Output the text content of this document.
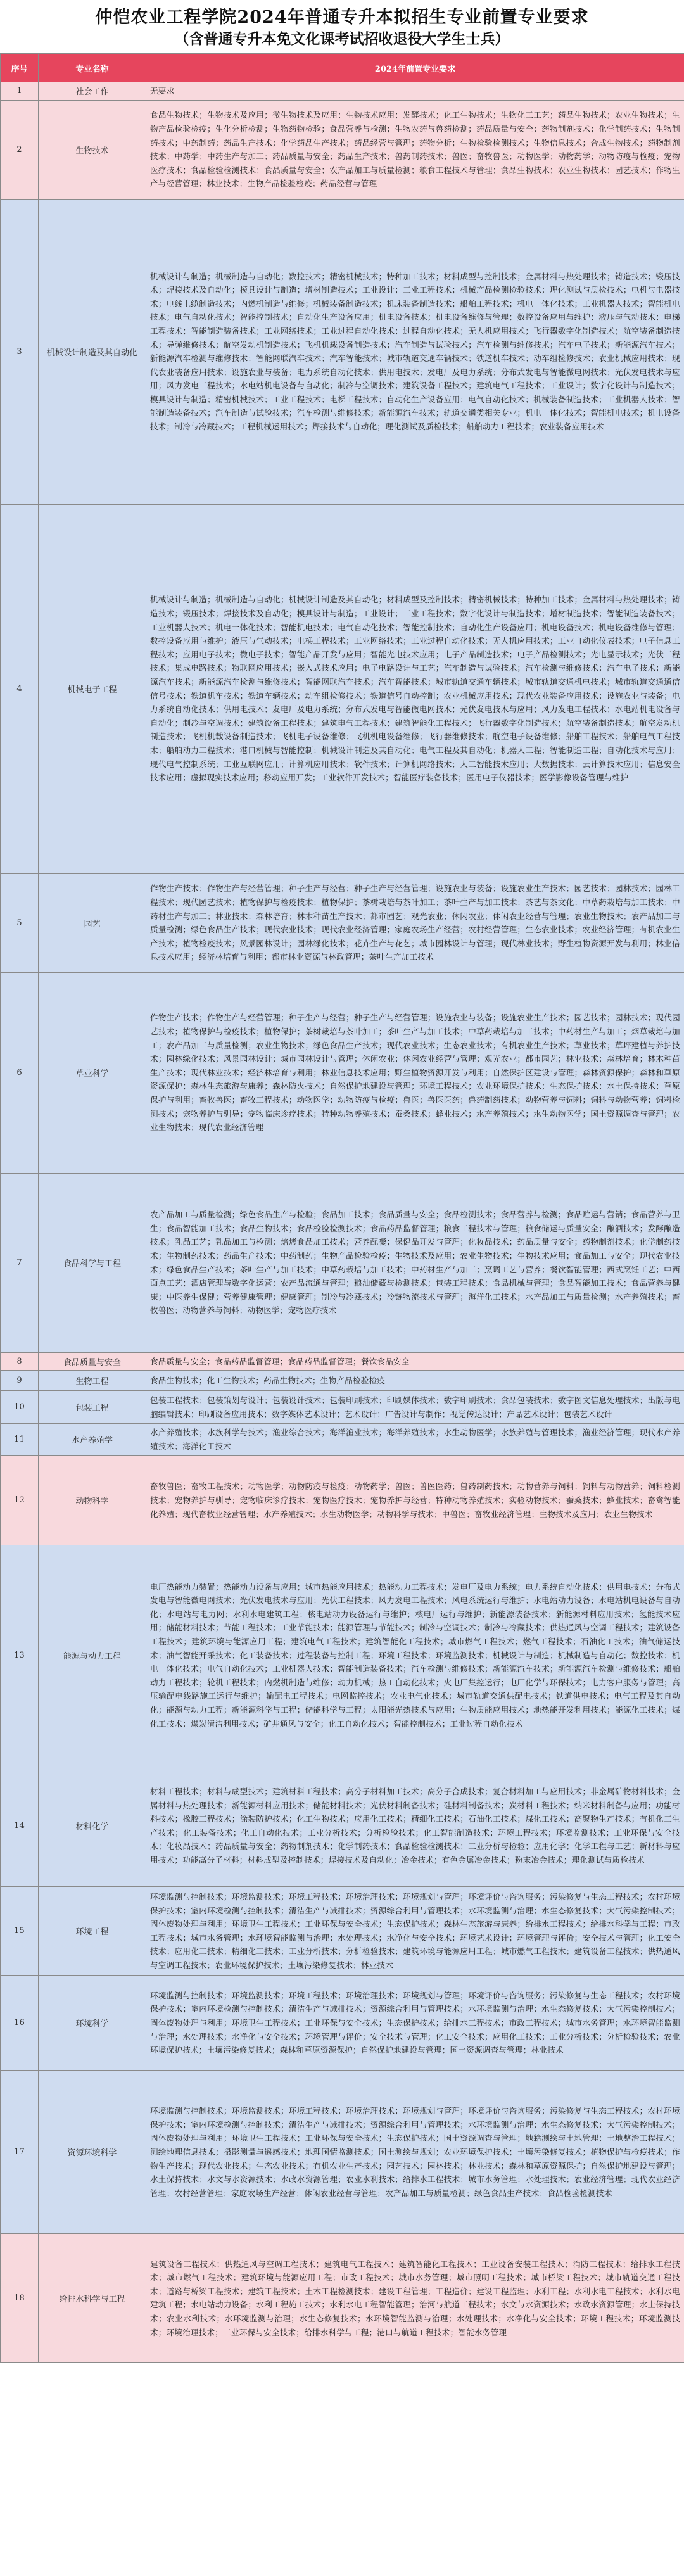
仲恺农业工程学院2024年普通专升本拟招生专业前置专业要求
（含普通专升本免文化课考试招收退役大学生士兵）
序号	专业名称	2024年前置专业要求
1	社会工作	无要求
2	生物技术	食品生物技术；生物技术及应用；微生物技术及应用；生物技术应用；发酵技术；化工生物技术；生物化工工艺；药品生物技术；农业生物技术；生物产品检验检疫；生化分析检测；生物药物检验；食品营养与检测；生物农药与兽药检测；药品质量与安全；药物制剂技术；化学制药技术；生物制药技术；中药制药；药品生产技术；化学药品生产技术；药品经营与管理；药物分析；生物检验检测技术；生物信息技术；合成生物技术；药物制剂技术；中药学；中药生产与加工；药品质量与安全；药品生产技术；兽药制药技术；兽医；畜牧兽医；动物医学；动物药学；动物防疫与检疫；宠物医疗技术；食品检验检测技术；食品质量与安全；农产品加工与质量检测；粮食工程技术与管理；食品生物技术；农业生物技术；园艺技术；作物生产与经营管理；林业技术；生物产品检验检疫；药品经营与管理
3	机械设计制造及其自动化	机械设计与制造；机械制造与自动化；数控技术；精密机械技术；特种加工技术；材料成型与控制技术；金属材料与热处理技术；铸造技术；锻压技术；焊接技术及自动化；模具设计与制造；增材制造技术；工业设计；工业工程技术；机械产品检测检验技术；理化测试与质检技术；电机与电器技术；电线电缆制造技术；内燃机制造与维修；机械装备制造技术；机床装备制造技术；船舶工程技术；机电一体化技术；工业机器人技术；智能机电技术；电气自动化技术；智能控制技术；自动化生产设备应用；机电设备技术；机电设备维修与管理；数控设备应用与维护；液压与气动技术；电梯工程技术；智能制造装备技术；工业网络技术；工业过程自动化技术；过程自动化技术；无人机应用技术；飞行器数字化制造技术；航空装备制造技术；导弹维修技术；航空发动机制造技术；飞机机载设备制造技术；汽车制造与试验技术；汽车检测与维修技术；汽车电子技术；新能源汽车技术；新能源汽车检测与维修技术；智能网联汽车技术；汽车智能技术；城市轨道交通车辆技术；铁道机车技术；动车组检修技术；农业机械应用技术；现代农业装备应用技术；设施农业与装备；电力系统自动化技术；供用电技术；发电厂及电力系统；分布式发电与智能微电网技术；光伏发电技术与应用；风力发电工程技术；水电站机电设备与自动化；制冷与空调技术；建筑设备工程技术；建筑电气工程技术；工业设计；数字化设计与制造技术；模具设计与制造；精密机械技术；工业工程技术；电梯工程技术；自动化生产设备应用；电气自动化技术；机械装备制造技术；工业机器人技术；智能制造装备技术；汽车制造与试验技术；汽车检测与维修技术；新能源汽车技术；轨道交通类相关专业；机电一体化技术；智能机电技术；机电设备技术；制冷与冷藏技术；工程机械运用技术；焊接技术与自动化；理化测试及质检技术；船舶动力工程技术；农业装备应用技术
4	机械电子工程	机械设计与制造；机械制造与自动化；机械设计制造及其自动化；材料成型及控制技术；精密机械技术；特种加工技术；金属材料与热处理技术；铸造技术；锻压技术；焊接技术及自动化；模具设计与制造；工业设计；工业工程技术；数字化设计与制造技术；增材制造技术；智能制造装备技术；工业机器人技术；机电一体化技术；智能机电技术；电气自动化技术；智能控制技术；自动化生产设备应用；机电设备技术；机电设备维修与管理；数控设备应用与维护；液压与气动技术；电梯工程技术；工业网络技术；工业过程自动化技术；无人机应用技术；工业自动化仪表技术；电子信息工程技术；应用电子技术；微电子技术；智能产品开发与应用；智能光电技术应用；电子产品制造技术；电子产品检测技术；光电显示技术；光伏工程技术；集成电路技术；物联网应用技术；嵌入式技术应用；电子电路设计与工艺；汽车制造与试验技术；汽车检测与维修技术；汽车电子技术；新能源汽车技术；新能源汽车检测与维修技术；智能网联汽车技术；汽车智能技术；城市轨道交通车辆技术；城市轨道交通机电技术；城市轨道交通通信信号技术；铁道机车技术；铁道车辆技术；动车组检修技术；铁道信号自动控制；农业机械应用技术；现代农业装备应用技术；设施农业与装备；电力系统自动化技术；供用电技术；发电厂及电力系统；分布式发电与智能微电网技术；光伏发电技术与应用；风力发电工程技术；水电站机电设备与自动化；制冷与空调技术；建筑设备工程技术；建筑电气工程技术；建筑智能化工程技术；飞行器数字化制造技术；航空装备制造技术；航空发动机制造技术；飞机机载设备制造技术；飞机电子设备维修；飞机机电设备维修；飞行器维修技术；航空电子设备维修；船舶工程技术；船舶电气工程技术；船舶动力工程技术；港口机械与智能控制；机械设计制造及其自动化；电气工程及其自动化；机器人工程；智能制造工程；自动化技术与应用；现代电气控制系统；工业互联网应用；计算机应用技术；软件技术；计算机网络技术；人工智能技术应用；大数据技术；云计算技术应用；信息安全技术应用；虚拟现实技术应用；移动应用开发；工业软件开发技术；智能医疗装备技术；医用电子仪器技术；医学影像设备管理与维护
5	园艺	作物生产技术；作物生产与经营管理；种子生产与经营；种子生产与经营管理；设施农业与装备；设施农业生产技术；园艺技术；园林技术；园林工程技术；现代园艺技术；植物保护与检疫技术；植物保护；茶树栽培与茶叶加工；茶叶生产与加工技术；茶艺与茶文化；中草药栽培与加工技术；中药材生产与加工；林业技术；森林培育；林木种苗生产技术；都市园艺；观光农业；休闲农业；休闲农业经营与管理；农业生物技术；农产品加工与质量检测；绿色食品生产技术；现代农业技术；现代农业经济管理；家庭农场生产经营；农村经营管理；生态农业技术；农业经济管理；有机农业生产技术；植物检疫技术；风景园林设计；园林绿化技术；花卉生产与花艺；城市园林设计与管理；现代林业技术；野生植物资源开发与利用；林业信息技术应用；经济林培育与利用；都市林业资源与林政管理；茶叶生产加工技术
6	草业科学	作物生产技术；作物生产与经营管理；种子生产与经营；种子生产与经营管理；设施农业与装备；设施农业生产技术；园艺技术；园林技术；现代园艺技术；植物保护与检疫技术；植物保护；茶树栽培与茶叶加工；茶叶生产与加工技术；中草药栽培与加工技术；中药材生产与加工；烟草栽培与加工；农产品加工与质量检测；农业生物技术；绿色食品生产技术；现代农业技术；生态农业技术；有机农业生产技术；草业技术；草坪建植与养护技术；园林绿化技术；风景园林设计；城市园林设计与管理；休闲农业；休闲农业经营与管理；观光农业；都市园艺；林业技术；森林培育；林木种苗生产技术；现代林业技术；经济林培育与利用；林业信息技术应用；野生植物资源开发与利用；自然保护区建设与管理；森林资源保护；森林和草原资源保护；森林生态旅游与康养；森林防火技术；自然保护地建设与管理；环境工程技术；农业环境保护技术；生态保护技术；水土保持技术；草原保护与利用；畜牧兽医；畜牧工程技术；动物医学；动物防疫与检疫；兽医；兽医医药；兽药制药技术；动物营养与饲料；饲料与动物营养；饲料检测技术；宠物养护与驯导；宠物临床诊疗技术；特种动物养殖技术；蚕桑技术；蜂业技术；水产养殖技术；水生动物医学；国土资源调查与管理；农业生物技术；现代农业经济管理
7	食品科学与工程	农产品加工与质量检测；绿色食品生产与检验；食品加工技术；食品质量与安全；食品检测技术；食品营养与检测；食品贮运与营销；食品营养与卫生；食品智能加工技术；食品生物技术；食品检验检测技术；食品药品监督管理；粮食工程技术与管理；粮食储运与质量安全；酿酒技术；发酵酿造技术；乳品工艺；乳品加工与检测；焙烤食品加工技术；营养配餐；保健品开发与管理；化妆品技术；药品质量与安全；药物制剂技术；化学制药技术；生物制药技术；药品生产技术；中药制药；生物产品检验检疫；生物技术及应用；农业生物技术；生物技术应用；食品加工与安全；现代农业技术；绿色食品生产技术；茶叶生产与加工技术；中草药栽培与加工技术；中药材生产与加工；烹调工艺与营养；餐饮智能管理；西式烹饪工艺；中西面点工艺；酒店管理与数字化运营；农产品流通与管理；粮油储藏与检测技术；包装工程技术；食品机械与管理；食品智能加工技术；食品营养与健康；中医养生保健；营养健康管理；健康管理；制冷与冷藏技术；冷链物流技术与管理；海洋化工技术；水产品加工与质量检测；水产养殖技术；畜牧兽医；动物营养与饲料；动物医学；宠物医疗技术
8	食品质量与安全	食品质量与安全；食品药品监督管理；食品药品监督管理；餐饮食品安全
9	生物工程	食品生物技术；化工生物技术；药品生物技术；生物产品检验检疫
10	包装工程	包装工程技术；包装策划与设计；包装设计技术；包装印刷技术；印刷媒体技术；数字印刷技术；食品包装技术；数字图文信息处理技术；出版与电脑编辑技术；印刷设备应用技术；数字媒体艺术设计；艺术设计；广告设计与制作；视觉传达设计；产品艺术设计；包装艺术设计
11	水产养殖学	水产养殖技术；水族科学与技术；渔业综合技术；海洋渔业技术；海洋养殖技术；水生动物医学；水族养殖与管理技术；渔业经济管理；现代水产养殖技术；海洋化工技术
12	动物科学	畜牧兽医；畜牧工程技术；动物医学；动物防疫与检疫；动物药学；兽医；兽医医药；兽药制药技术；动物营养与饲料；饲料与动物营养；饲料检测技术；宠物养护与驯导；宠物临床诊疗技术；宠物医疗技术；宠物养护与经营；特种动物养殖技术；实验动物技术；蚕桑技术；蜂业技术；畜禽智能化养殖；现代畜牧业经营管理；水产养殖技术；水生动物医学；动物科学与技术；中兽医；畜牧业经济管理；生物技术及应用；农业生物技术
13	能源与动力工程	电厂热能动力装置；热能动力设备与应用；城市热能应用技术；热能动力工程技术；发电厂及电力系统；电力系统自动化技术；供用电技术；分布式发电与智能微电网技术；光伏发电技术与应用；光伏工程技术；风力发电工程技术；风电系统运行与维护；水电站动力设备；水电站机电设备与自动化；水电站与电力网；水利水电建筑工程；核电站动力设备运行与维护；核电厂运行与维护；新能源装备技术；新能源材料应用技术；氢能技术应用；储能材料技术；节能工程技术；工业节能技术；能源管理与节能技术；制冷与空调技术；制冷与冷藏技术；供热通风与空调工程技术；建筑设备工程技术；建筑环境与能源应用工程；建筑电气工程技术；建筑智能化工程技术；城市燃气工程技术；燃气工程技术；石油化工技术；油气储运技术；油气智能开采技术；化工装备技术；过程装备与控制工程；环境工程技术；环境监测技术；机械设计与制造；机械制造与自动化；数控技术；机电一体化技术；电气自动化技术；工业机器人技术；智能制造装备技术；汽车检测与维修技术；新能源汽车技术；新能源汽车检测与维修技术；船舶动力工程技术；轮机工程技术；内燃机制造与维修；动力机械；热工自动化技术；火电厂集控运行；电厂化学与环保技术；电力客户服务与管理；高压输配电线路施工运行与维护；输配电工程技术；电网监控技术；农业电气化技术；城市轨道交通供配电技术；铁道供电技术；电气工程及其自动化；能源与动力工程；新能源科学与工程；储能科学与工程；太阳能光热技术与应用；生物质能应用技术；地热能开发利用技术；能源化工技术；煤化工技术；煤炭清洁利用技术；矿井通风与安全；化工自动化技术；智能控制技术；工业过程自动化技术
14	材料化学	材料工程技术；材料与成型技术；建筑材料工程技术；高分子材料加工技术；高分子合成技术；复合材料加工与应用技术；非金属矿物材料技术；金属材料与热处理技术；新能源材料应用技术；储能材料技术；光伏材料制备技术；硅材料制备技术；炭材料工程技术；纳米材料制备与应用；功能材料技术；橡胶工程技术；涂装防护技术；化工生物技术；应用化工技术；精细化工技术；石油化工技术；煤化工技术；高聚物生产技术；有机化工生产技术；化工装备技术；化工自动化技术；工业分析技术；分析检验技术；化工智能制造技术；环境工程技术；环境监测技术；工业环保与安全技术；化妆品技术；药品质量与安全；药物制剂技术；化学制药技术；食品检验检测技术；工业分析与检验；应用化学；化学工程与工艺；新材料与应用技术；功能高分子材料；材料成型及控制技术；焊接技术及自动化；冶金技术；有色金属冶金技术；粉末冶金技术；理化测试与质检技术
15	环境工程	环境监测与控制技术；环境监测技术；环境工程技术；环境治理技术；环境规划与管理；环境评价与咨询服务；污染修复与生态工程技术；农村环境保护技术；室内环境检测与控制技术；清洁生产与减排技术；资源综合利用与管理技术；水环境监测与治理；水生态修复技术；大气污染控制技术；固体废物处理与利用；环境卫生工程技术；工业环保与安全技术；生态保护技术；森林生态旅游与康养；给排水工程技术；给排水科学与工程；市政工程技术；城市水务管理；水环境智能监测与治理；水处理技术；水净化与安全技术；环境艺术设计；环境管理与评价；安全技术与管理；化工安全技术；应用化工技术；精细化工技术；工业分析技术；分析检验技术；建筑环境与能源应用工程；城市燃气工程技术；建筑设备工程技术；供热通风与空调工程技术；农业环境保护技术；土壤污染修复技术；林业技术
16	环境科学	环境监测与控制技术；环境监测技术；环境工程技术；环境治理技术；环境规划与管理；环境评价与咨询服务；污染修复与生态工程技术；农村环境保护技术；室内环境检测与控制技术；清洁生产与减排技术；资源综合利用与管理技术；水环境监测与治理；水生态修复技术；大气污染控制技术；固体废物处理与利用；环境卫生工程技术；工业环保与安全技术；生态保护技术；给排水工程技术；市政工程技术；城市水务管理；水环境智能监测与治理；水处理技术；水净化与安全技术；环境管理与评价；安全技术与管理；化工安全技术；应用化工技术；工业分析技术；分析检验技术；农业环境保护技术；土壤污染修复技术；森林和草原资源保护；自然保护地建设与管理；国土资源调查与管理；林业技术
17	资源环境科学	环境监测与控制技术；环境监测技术；环境工程技术；环境治理技术；环境规划与管理；环境评价与咨询服务；污染修复与生态工程技术；农村环境保护技术；室内环境检测与控制技术；清洁生产与减排技术；资源综合利用与管理技术；水环境监测与治理；水生态修复技术；大气污染控制技术；固体废物处理与利用；环境卫生工程技术；工业环保与安全技术；生态保护技术；国土资源调查与管理；地籍测绘与土地管理；土地整治工程技术；测绘地理信息技术；摄影测量与遥感技术；地理国情监测技术；国土测绘与规划；农业环境保护技术；土壤污染修复技术；植物保护与检疫技术；作物生产技术；现代农业技术；生态农业技术；有机农业生产技术；园艺技术；园林技术；林业技术；森林和草原资源保护；自然保护地建设与管理；水土保持技术；水文与水资源技术；水政水资源管理；农业水利技术；给排水工程技术；城市水务管理；水处理技术；农业经济管理；现代农业经济管理；农村经营管理；家庭农场生产经营；休闲农业经营与管理；农产品加工与质量检测；绿色食品生产技术；食品检验检测技术
18	给排水科学与工程	建筑设备工程技术；供热通风与空调工程技术；建筑电气工程技术；建筑智能化工程技术；工业设备安装工程技术；消防工程技术；给排水工程技术；城市燃气工程技术；建筑环境与能源应用工程；市政工程技术；城市水务管理；城市照明工程技术；城市桥梁工程技术；城市轨道交通工程技术；道路与桥梁工程技术；建筑工程技术；土木工程检测技术；建设工程管理；工程造价；建设工程监理；水利工程；水利水电工程技术；水利水电建筑工程；水电站动力设备；水利工程施工技术；水利水电工程智能管理；治河与航道工程技术；水文与水资源技术；水政水资源管理；水土保持技术；农业水利技术；水环境监测与治理；水生态修复技术；水环境智能监测与治理；水处理技术；水净化与安全技术；环境工程技术；环境监测技术；环境治理技术；工业环保与安全技术；给排水科学与工程；港口与航道工程技术；智能水务管理
